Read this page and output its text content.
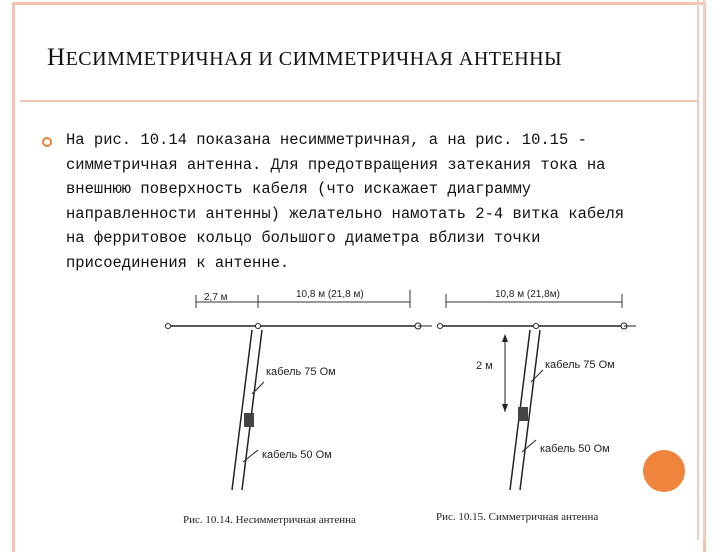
НЕСИММЕТРИЧНАЯ И СИММЕТРИЧНАЯ АНТЕННЫ
На рис. 10.14 показана несимметричная, а на рис. 10.15 - симметричная антенна. Для предотвращения затекания тока на внешнюю поверхность кабеля (что искажает диаграмму направленности антенны) желательно намотать 2-4 витка кабеля на ферритовое кольцо большого диаметра вблизи точки присоединения к антенне.
2,7 м	10,8 м (21,8 м)
кабель 75 Ом
кабель 50 Ом
Рис. 10.14. Несимметричная антенна
10,8 м (21,8м)
2 м	кабель 75 Ом
кабель 50 Ом
Рис. 10.15. Симметричная антенна
